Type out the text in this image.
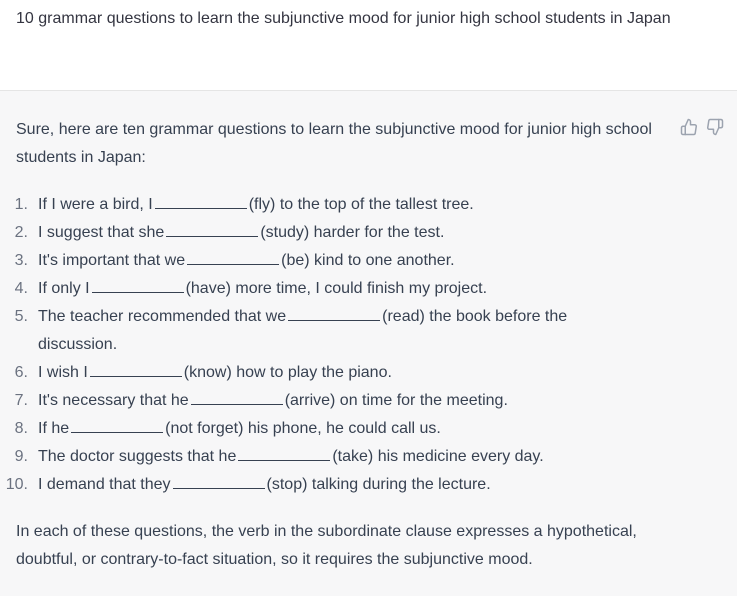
10 grammar questions to learn the subjunctive mood for junior high school students in Japan
Sure, here are ten grammar questions to learn the subjunctive mood for junior high school students in Japan:
1. If I were a bird, I	(fly) to the top of the tallest tree.
2. I suggest that she	(study) harder for the test.
3. It's important that we	(be) kind to one another.
4. If only I	(have) more time, I could finish my project.
5. The teacher recommended that we	(read) the book before the discussion.
6. I wish I	(know) how to play the piano.
7. It's necessary that he	(arrive) on time for the meeting.
8. If he	(not forget) his phone, he could call us.
9. The doctor suggests that he	(take) his medicine every day.
10. I demand that they	(stop) talking during the lecture.
In each of these questions, the verb in the subordinate clause expresses a hypothetical, doubtful, or contrary-to-fact situation, so it requires the subjunctive mood.
